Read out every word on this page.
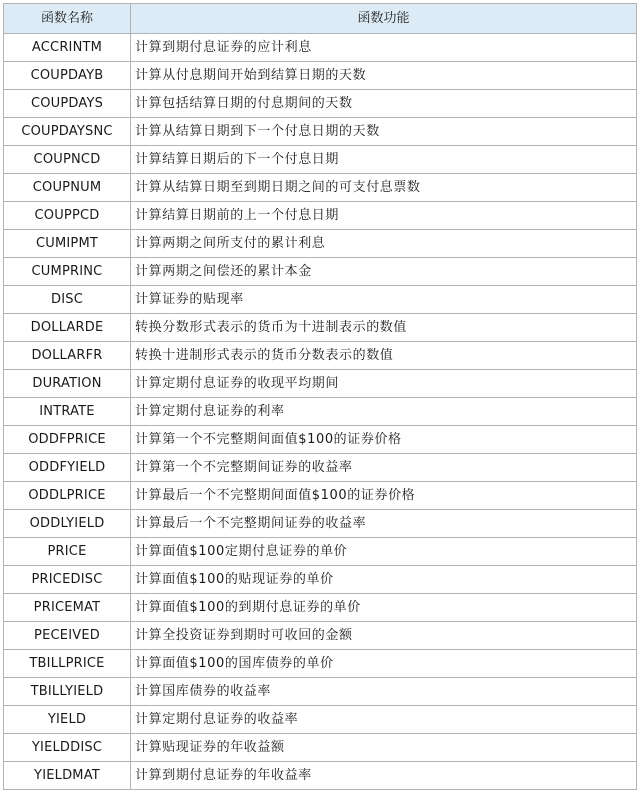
函数名称	函数功能
ACCRINTM	计算到期付息证券的应计利息
COUPDAYB	计算从付息期间开始到结算日期的天数
COUPDAYS	计算包括结算日期的付息期间的天数
COUPDAYSNC	计算从结算日期到下一个付息日期的天数
COUPNCD	计算结算日期后的下一个付息日期
COUPNUM	计算从结算日期至到期日期之间的可支付息票数
COUPPCD	计算结算日期前的上一个付息日期
CUMIPMT	计算两期之间所支付的累计利息
CUMPRINC	计算两期之间偿还的累计本金
DISC	计算证券的贴现率
DOLLARDE	转换分数形式表示的货币为十进制表示的数值
DOLLARFR	转换十进制形式表示的货币分数表示的数值
DURATION	计算定期付息证券的收现平均期间
INTRATE	计算定期付息证券的利率
ODDFPRICE	计算第一个不完整期间面值$100的证券价格
ODDFYIELD	计算第一个不完整期间证券的收益率
ODDLPRICE	计算最后一个不完整期间面值$100的证券价格
ODDLYIELD	计算最后一个不完整期间证券的收益率
PRICE	计算面值$100定期付息证券的单价
PRICEDISC	计算面值$100的贴现证券的单价
PRICEMAT	计算面值$100的到期付息证券的单价
PECEIVED	计算全投资证券到期时可收回的金额
TBILLPRICE	计算面值$100的国库债券的单价
TBILLYIELD	计算国库债券的收益率
YIELD	计算定期付息证券的收益率
YIELDDISC	计算贴现证券的年收益额
YIELDMAT	计算到期付息证券的年收益率
